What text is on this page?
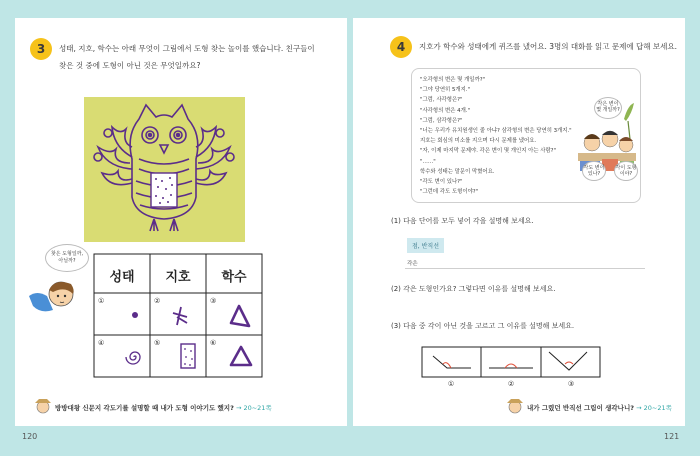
3	성태, 지호, 학수는 아래 무엇이 그림에서 도형 찾는 놀이를 했습니다. 친구들이
찾은 것 중에 도형이 아닌 것은 무엇일까요?
찾은 도형일까,
아닐까?
성태 지호 학수
①	②	③
④	⑤	⑥
방방대왕 신문지 각도기를 설명할 때 내가 도형 이야기도 했지? → 20~21쪽
4	지호가 학수와 성태에게 퀴즈를 냈어요. 3명의 대화를 읽고 문제에 답해 보세요.
"오각형의 변은 몇 개일까?"
"그야 당연히 5개지."
"그럼, 사각형은?"
"사각형의 변은 4개."
"그럼, 삼각형은?"
"너는 우리가 유치원생인 줄 아냐? 삼각형의 변은 당연히 3개지."
지호는 회심의 미소를 지으며 다시 문제를 냈어요.
"자, 이제 마지막 문제야. 각은 변이 몇 개인지 아는 사람?"
"……"
학수와 성태는 말문이 막혔어요.
"각도 변이 있나?"
"그런데 각도 도형이야?"
각은 변이 몇 개일까?
각도 변이 있나?
각이 도형이야?
(1) 다음 단어를 모두 넣어 각을 설명해 보세요.
점, 반직선
각은
(2) 각은 도형인가요? 그렇다면 이유를 설명해 보세요.
(3) 다음 중 각이 아닌 것을 고르고 그 이유를 설명해 보세요.
①	②	③
내가 그렸던 반직선 그림이 생각나니? → 20~21쪽
120	121
